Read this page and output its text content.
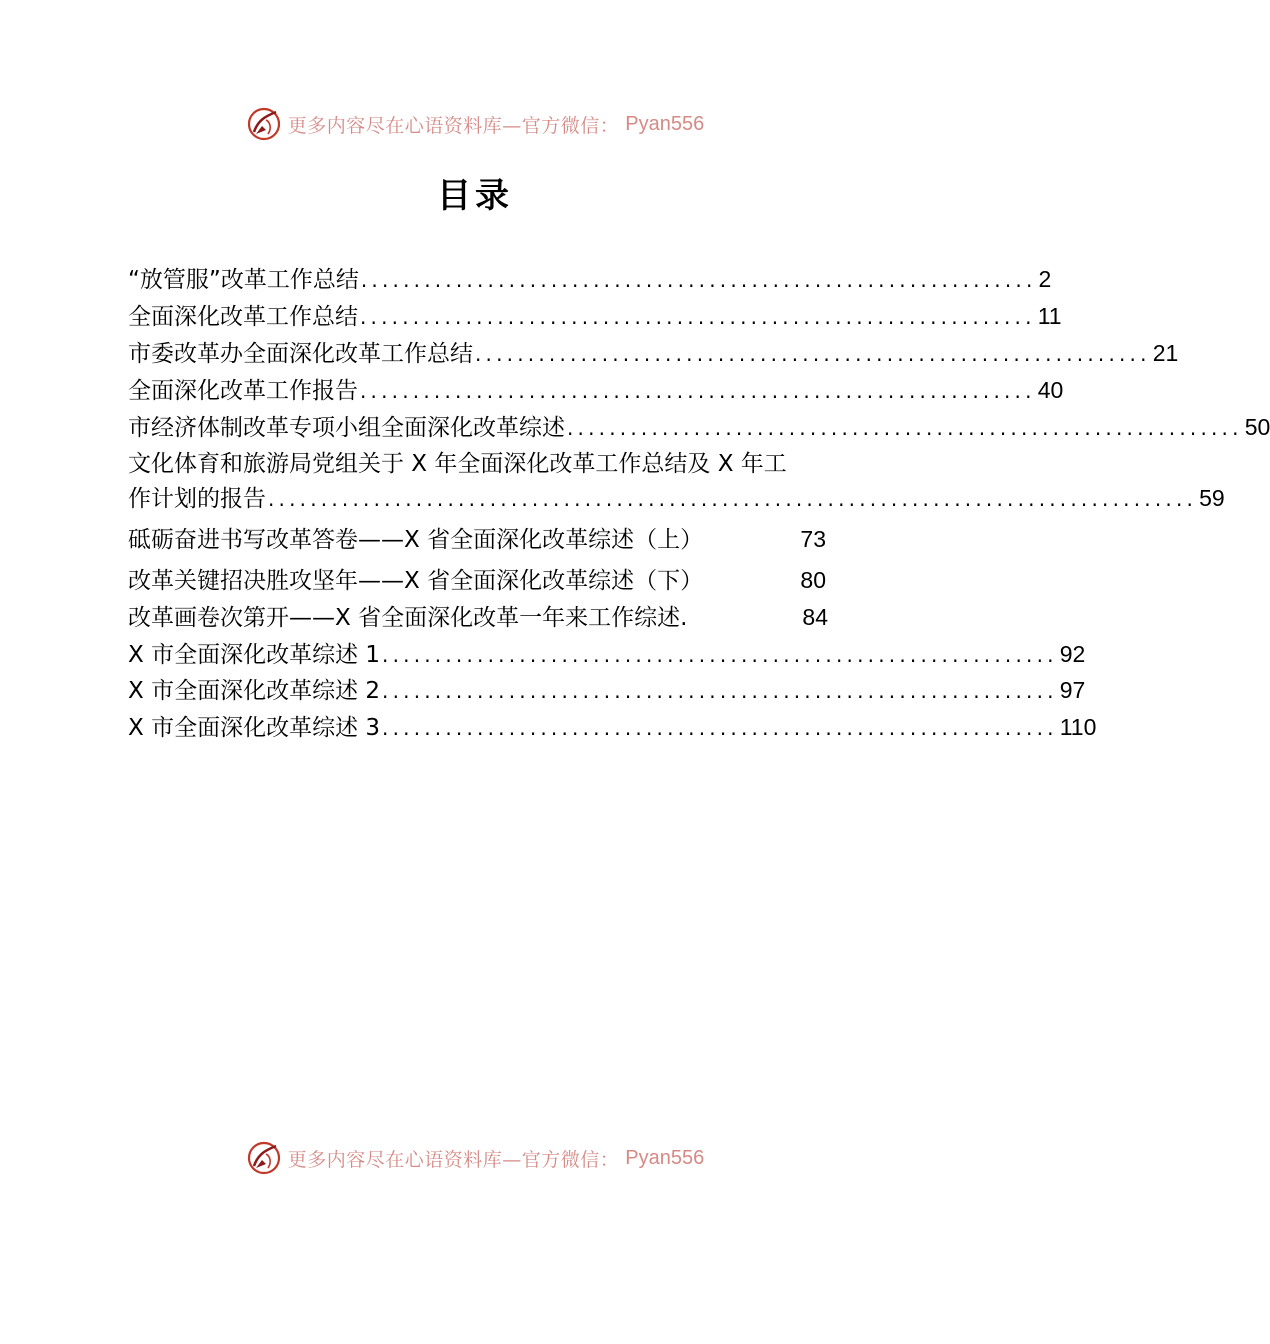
更多内容尽在心语资料库—官方微信： Pyan556
目录
“放管服”改革工作总结 ................................................................ 2
全面深化改革工作总结 ................................................................ 11
市委改革办全面深化改革工作总结 ................................................................ 21
全面深化改革工作报告 ................................................................ 40
市经济体制改革专项小组全面深化改革综述 ................................................................ 50
文化体育和旅游局党组关于 X 年全面深化改革工作总结及 X 年工
作计划的报告 ........................................................................................ 59
砥砺奋进书写改革答卷——X 省全面深化改革综述（上）	73
改革关键招决胜攻坚年——X 省全面深化改革综述（下）	80
改革画卷次第开——X 省全面深化改革一年来工作综述.	84
X 市全面深化改革综述 1 ................................................................ 92
X 市全面深化改革综述 2 ................................................................ 97
X 市全面深化改革综述 3 ................................................................ 110
更多内容尽在心语资料库—官方微信： Pyan556
